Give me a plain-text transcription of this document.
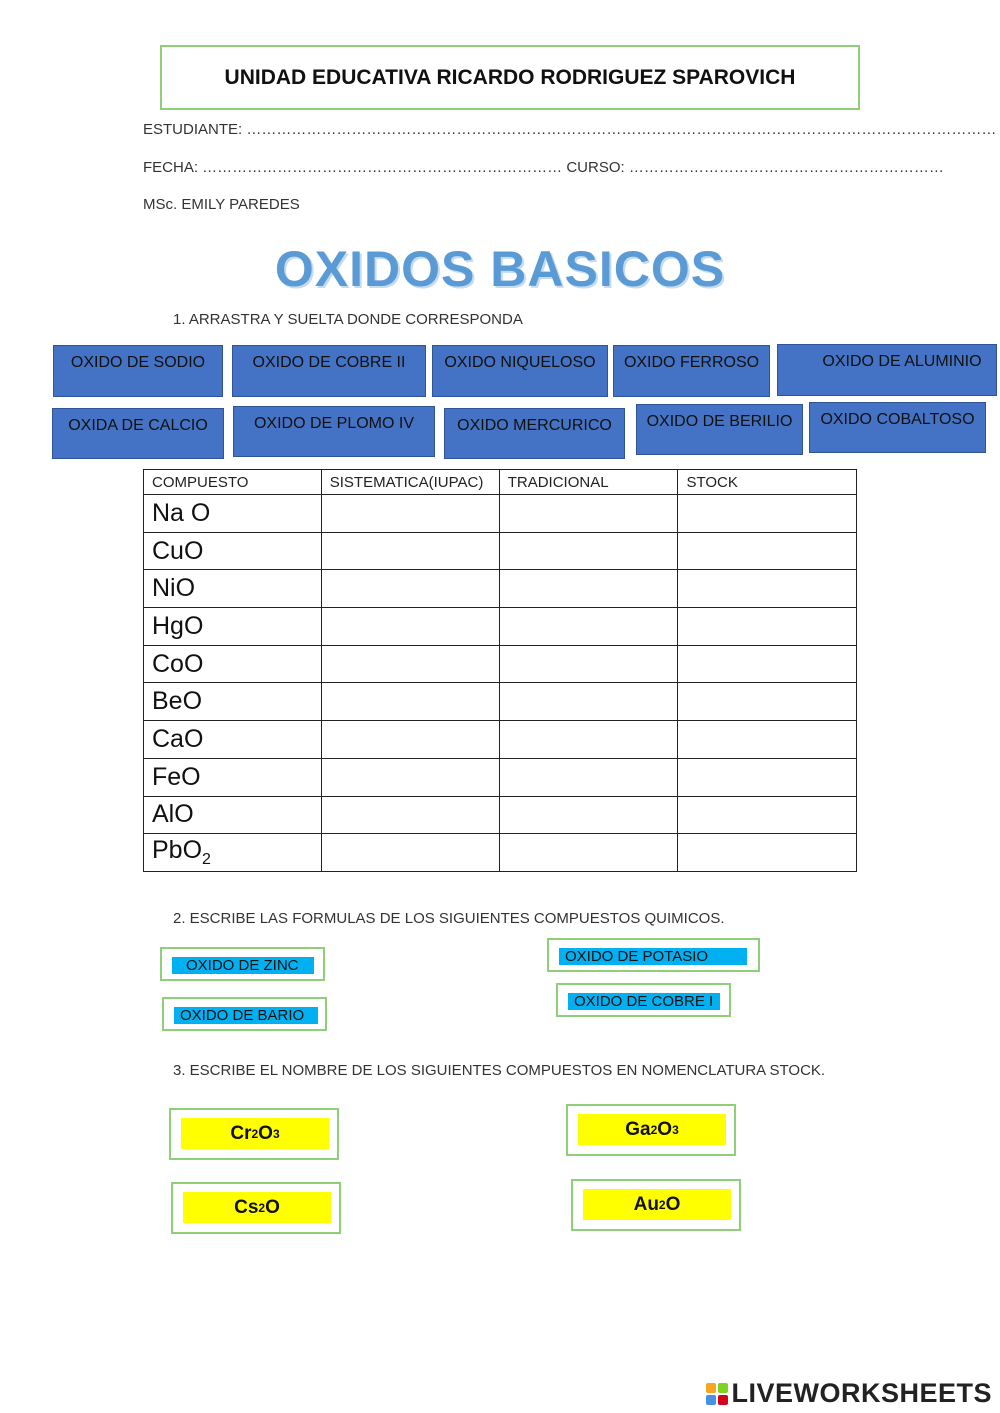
UNIDAD EDUCATIVA RICARDO RODRIGUEZ SPAROVICH
ESTUDIANTE: ……………………………………………………………………………………………………………………………………
FECHA: ……………………………………………………………… CURSO: ………………………………………………………
MSc. EMILY PAREDES
OXIDOS BASICOS
1. ARRASTRA Y SUELTA DONDE CORRESPONDA
OXIDO DE SODIO	OXIDO DE COBRE II	OXIDO NIQUELOSO	OXIDO FERROSO	OXIDO DE ALUMINIO
OXIDA DE CALCIO	OXIDO DE PLOMO IV	OXIDO MERCURICO	OXIDO DE BERILIO	OXIDO COBALTOSO
COMPUESTO	SISTEMATICA(IUPAC)	TRADICIONAL	STOCK
Na O			
CuO			
NiO			
HgO			
CoO			
BeO			
CaO			
FeO			
AlO			
PbO$_2$			
2. ESCRIBE LAS FORMULAS DE LOS SIGUIENTES COMPUESTOS QUIMICOS.
OXIDO DE ZINC
OXIDO DE POTASIO
OXIDO DE BARIO
OXIDO DE COBRE I
3. ESCRIBE EL NOMBRE DE LOS SIGUIENTES COMPUESTOS EN NOMENCLATURA STOCK.
Cr 2 O 3	Ga 2 O 3
Cs 2 O	Au 2 O
LIVEWORKSHEETS
